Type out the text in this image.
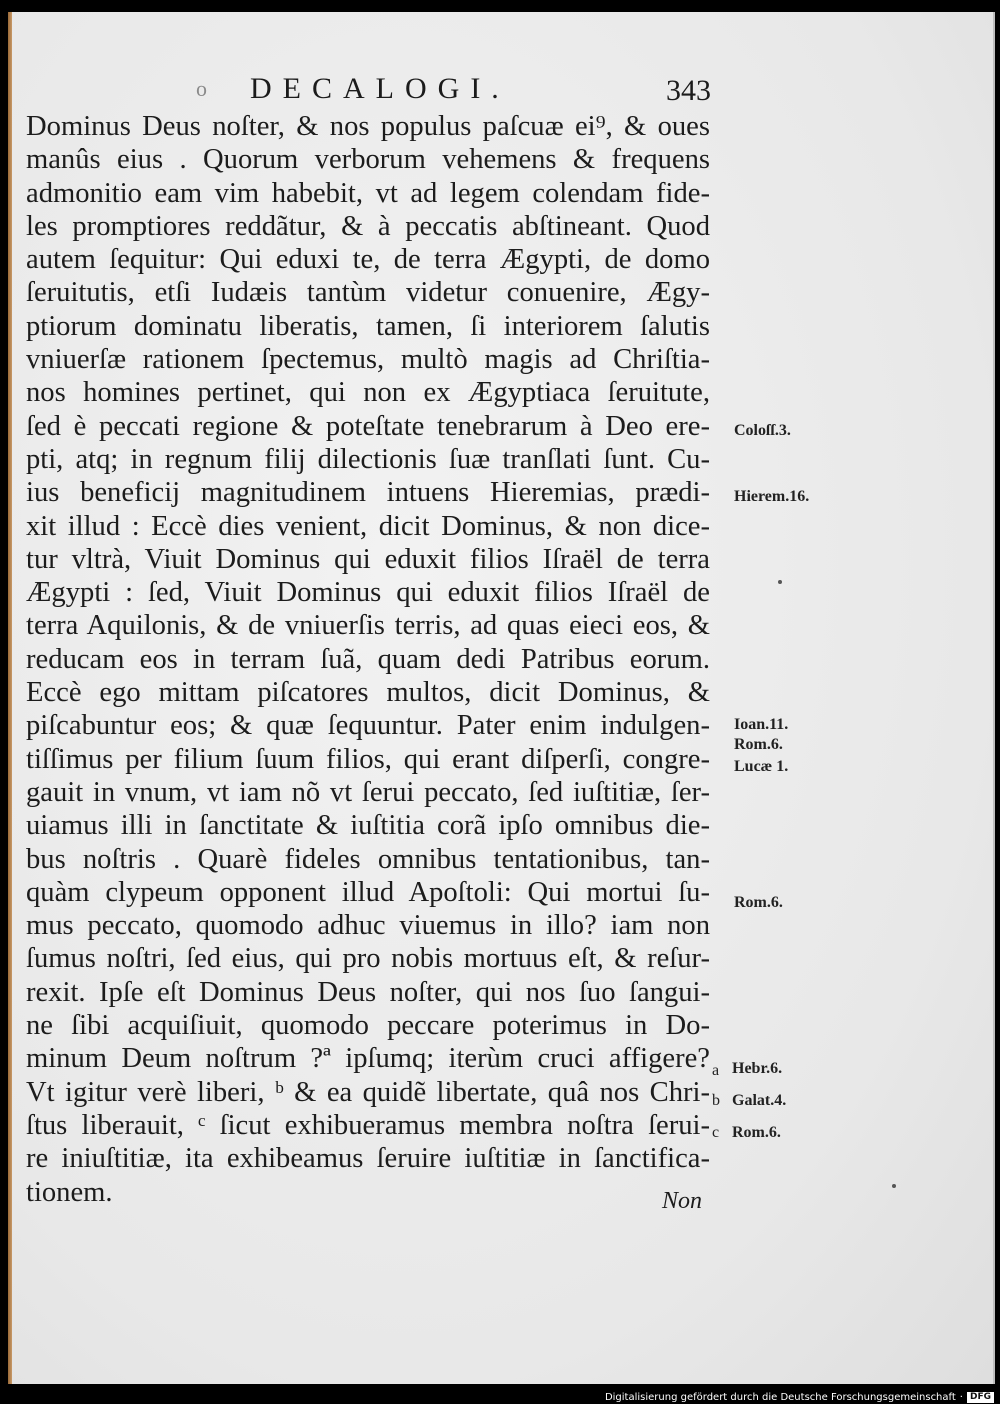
o DECALOGI.	343
Dominus Deus noſter, & nos populus paſcuæ ei⁹, & oues
manûs eius . Quorum verborum vehemens & frequens
admonitio eam vim habebit, vt ad legem colendam fide-
les promptiores reddãtur, & à peccatis abſtineant. Quod
autem ſequitur: Qui eduxi te, de terra Ægypti, de domo
ſeruitutis, etſi Iudæis tantùm videtur conuenire, Ægy-
ptiorum dominatu liberatis, tamen, ſi interiorem ſalutis
vniuerſæ rationem ſpectemus, multò magis ad Chriſtia-
nos homines pertinet, qui non ex Ægyptiaca ſeruitute,
ſed è peccati regione & poteſtate tenebrarum à Deo ere-
pti, atq; in regnum filij dilectionis ſuæ tranſlati ſunt. Cu-
ius beneficij magnitudinem intuens Hieremias, prædi-
xit illud : Eccè dies venient, dicit Dominus, & non dice-
tur vltrà, Viuit Dominus qui eduxit filios Iſraël de terra
Ægypti : ſed, Viuit Dominus qui eduxit filios Iſraël de
terra Aquilonis, & de vniuerſis terris, ad quas eieci eos, &
reducam eos in terram ſuã, quam dedi Patribus eorum.
Eccè ego mittam piſcatores multos, dicit Dominus, &
piſcabuntur eos; & quæ ſequuntur. Pater enim indulgen-
tiſſimus per filium ſuum filios, qui erant diſperſi, congre-
gauit in vnum, vt iam nõ vt ſerui peccato, ſed iuſtitiæ, ſer-
uiamus illi in ſanctitate & iuſtitia corã ipſo omnibus die-
bus noſtris . Quarè fideles omnibus tentationibus, tan-
quàm clypeum opponent illud Apoſtoli: Qui mortui ſu-
mus peccato, quomodo adhuc viuemus in illo? iam non
ſumus noſtri, ſed eius, qui pro nobis mortuus eſt, & reſur-
rexit. Ipſe eſt Dominus Deus noſter, qui nos ſuo ſangui-
ne ſibi acquiſiuit, quomodo peccare poterimus in Do-
minum Deum noſtrum ?ª ipſumq; iterùm cruci affigere?
Vt igitur verè liberi, ᵇ & ea quidẽ libertate, quâ nos Chri-
ſtus liberauit, ᶜ ſicut exhibueramus membra noſtra ſerui-
re iniuſtitiæ, ita exhibeamus ſeruire iuſtitiæ in ſanctifica-
tionem.	Non
Coloſſ.3.
Hierem.16.
Ioan.11.
Rom.6.
Lucæ 1.
Rom.6.
Hebr.6.
Galat.4.
Rom.6.
a
b
c
Digitalisierung gefördert durch die Deutsche Forschungsgemeinschaft · DFG
